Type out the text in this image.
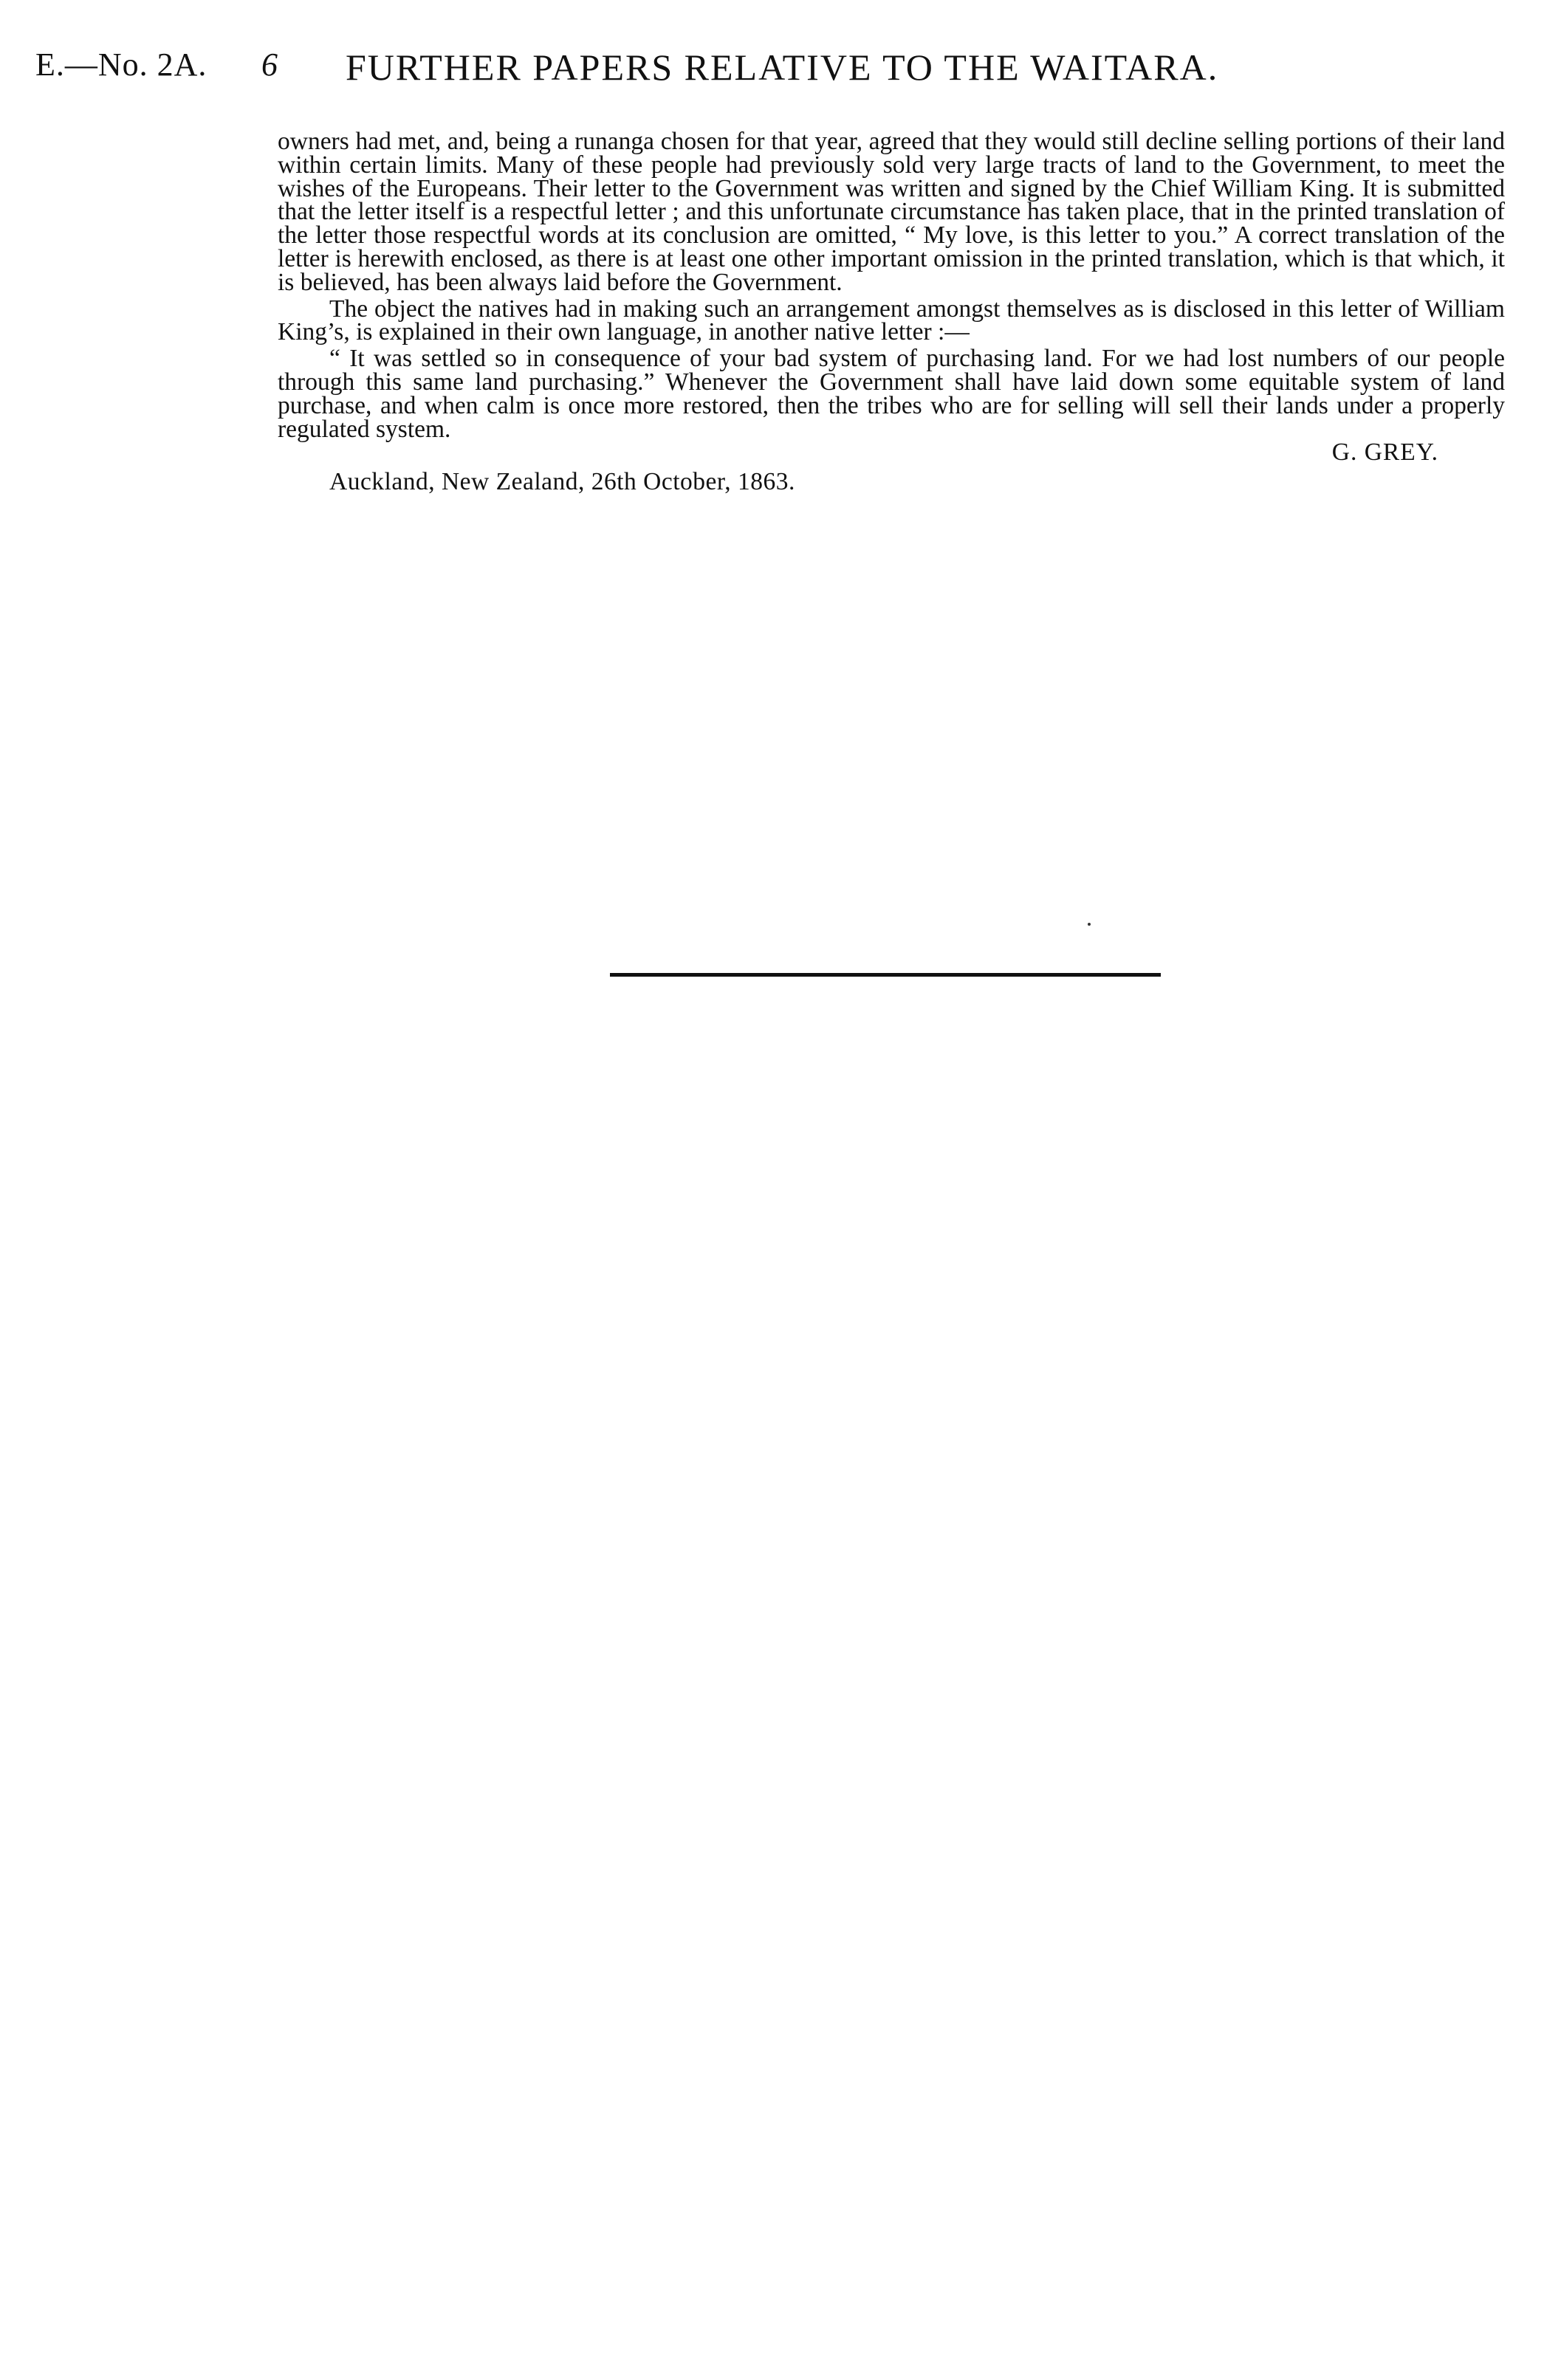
E.—No. 2A. 6 FURTHER PAPERS RELATIVE TO THE WAITARA.

owners had met, and, being a runanga chosen for that year, agreed that they would still decline selling portions of their land within certain limits. Many of these people had previously sold very large tracts of land to the Government, to meet the wishes of the Europeans. Their letter to the Government was written and signed by the Chief William King. It is submitted that the letter itself is a respectful letter ; and this unfortunate circumstance has taken place, that in the printed translation of the letter those respectful words at its conclusion are omitted, “ My love, is this letter to you.” A correct translation of the letter is herewith enclosed, as there is at least one other important omission in the printed translation, which is that which, it is believed, has been always laid before the Government.

The object the natives had in making such an arrangement amongst themselves as is disclosed in this letter of William King’s, is explained in their own language, in another native letter :—

“ It was settled so in consequence of your bad system of purchasing land. For we had lost numbers of our people through this same land purchasing.” Whenever the Government shall have laid down some equitable system of land purchase, and when calm is once more restored, then the tribes who are for selling will sell their lands under a properly regulated system.

G. GREY.

Auckland, New Zealand, 26th October, 1863.
